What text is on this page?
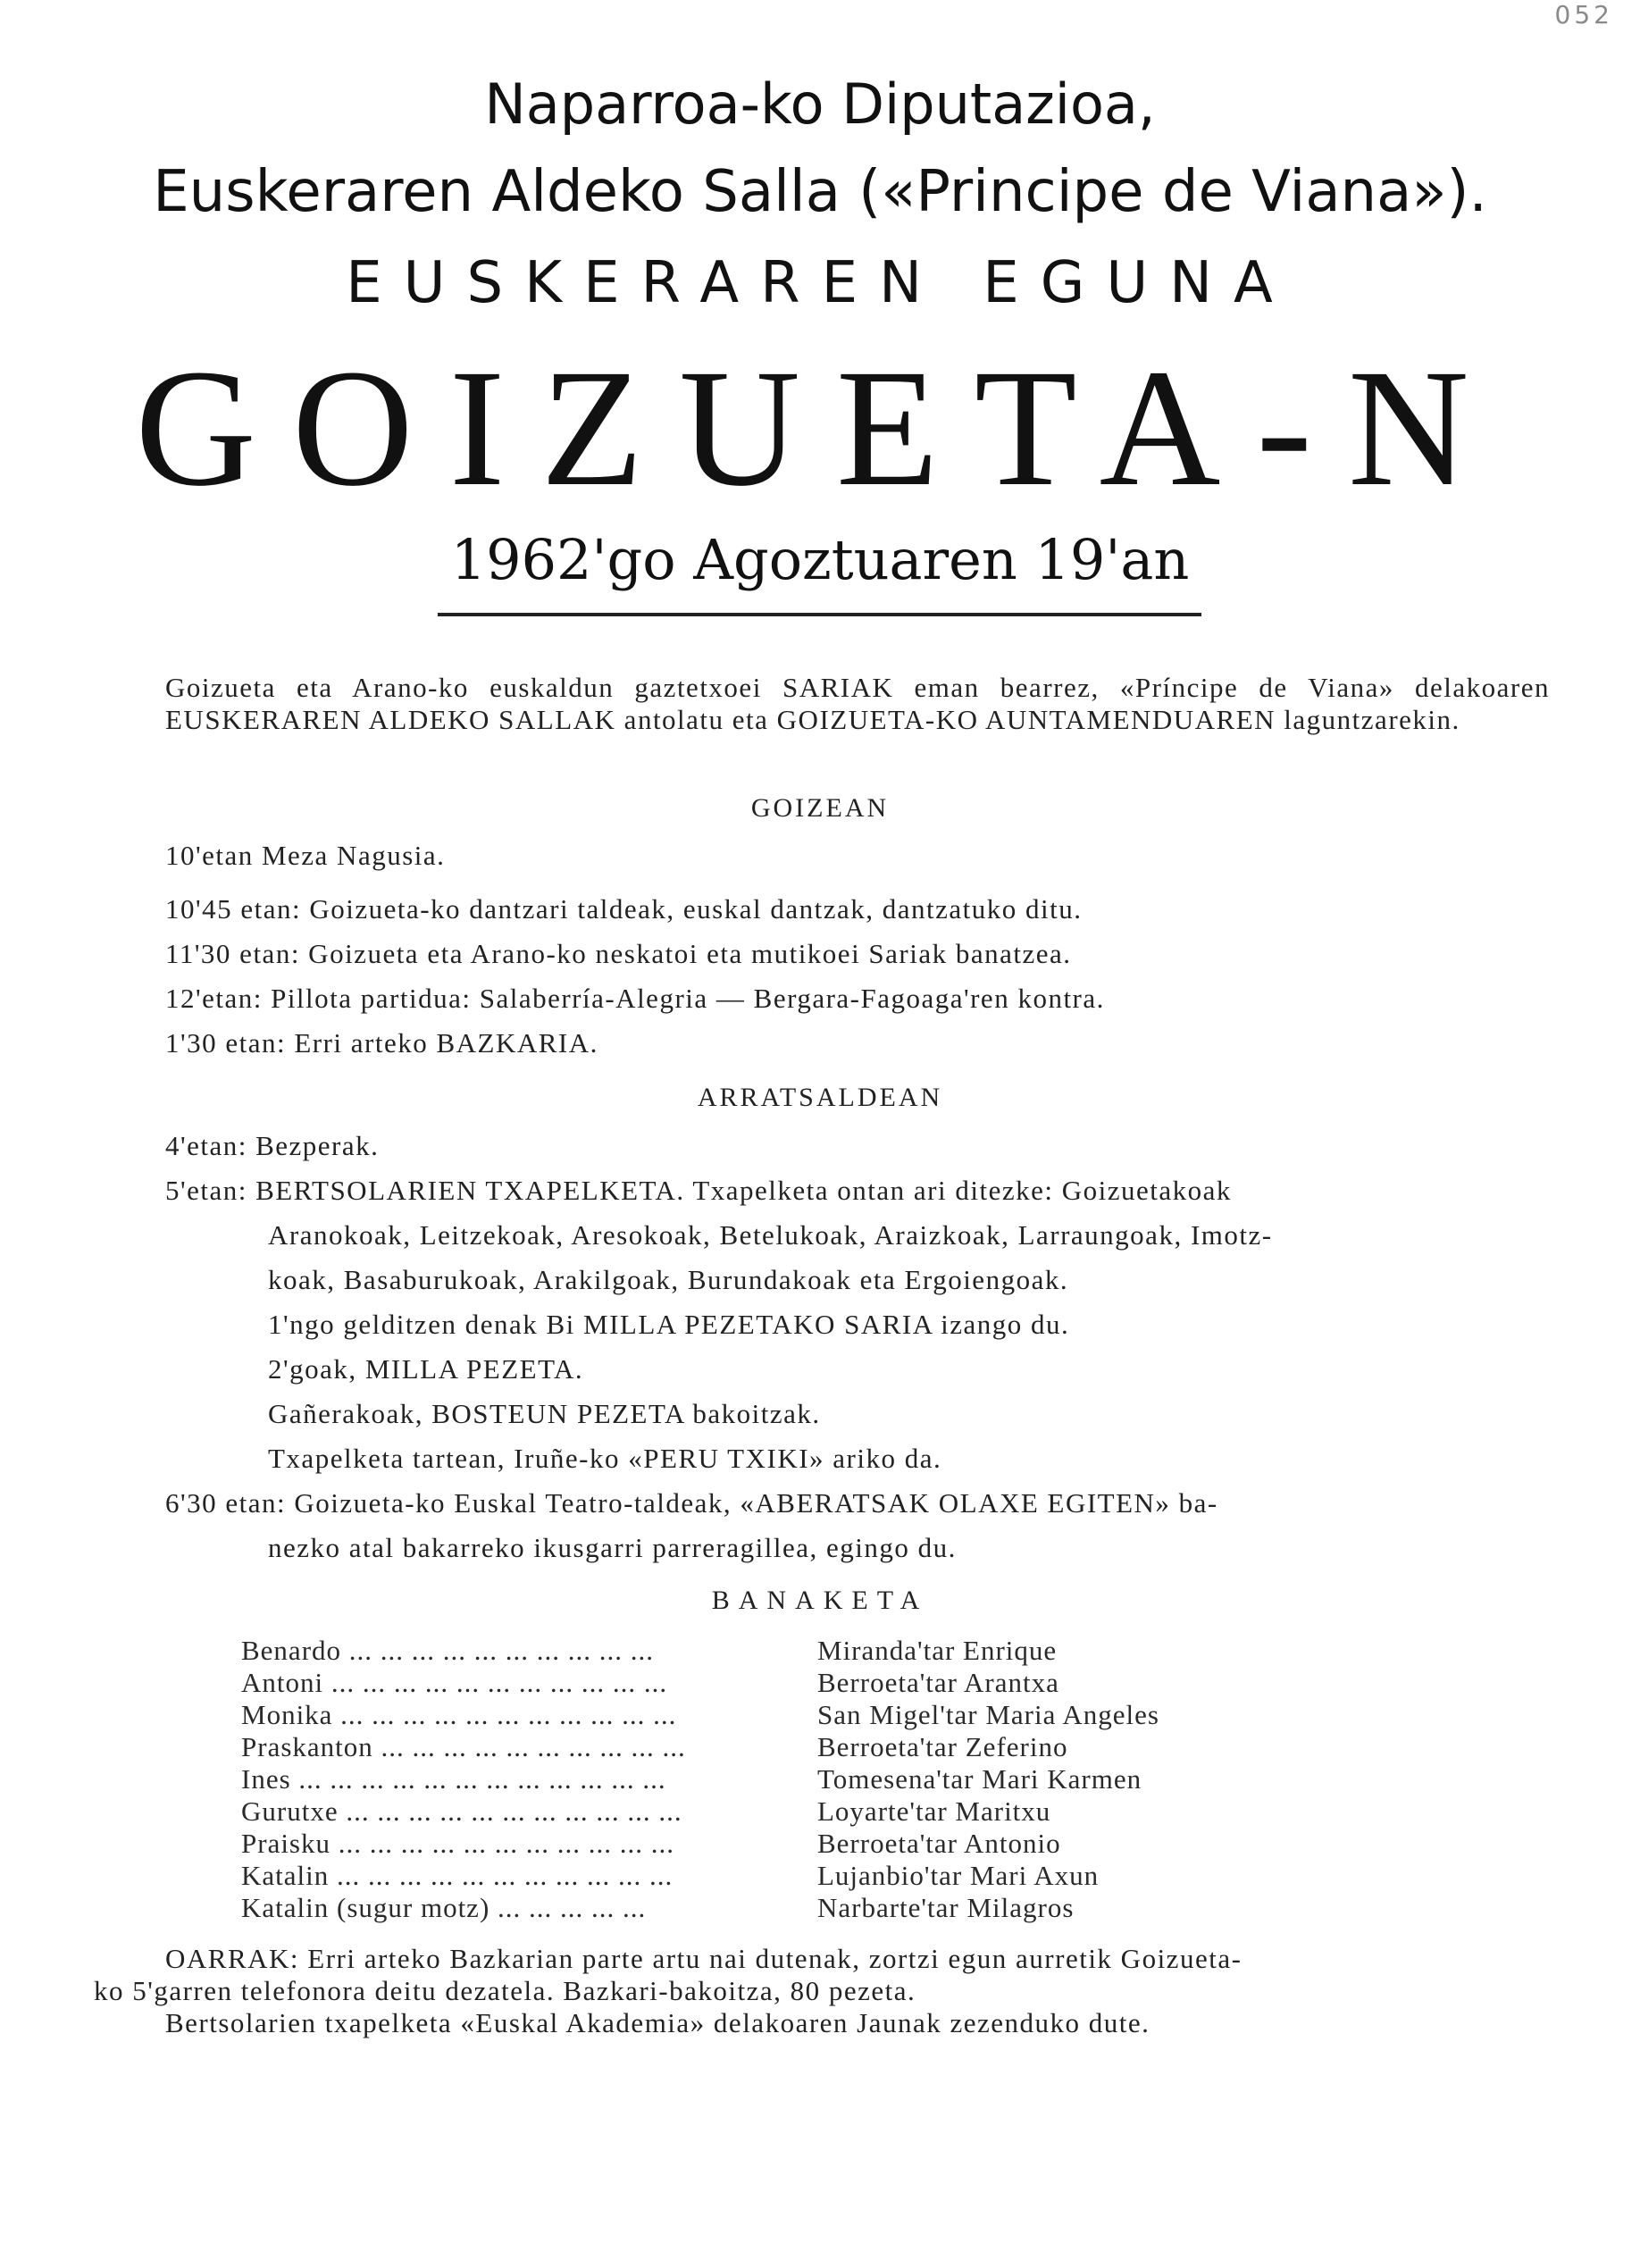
052
Naparroa-ko Diputazioa,
Euskeraren Aldeko Salla («Principe de Viana»).
EUSKERAREN EGUNA
GOIZUETA-N
1962'go Agoztuaren 19'an
Goizueta eta Arano-ko euskaldun gaztetxoei SARIAK eman bearrez, «Príncipe de Viana» delakoaren EUSKERAREN ALDEKO SALLAK antolatu eta GOIZUETA-KO AUNTAMENDUAREN laguntzarekin.
GOIZEAN
10'etan Meza Nagusia.
10'45 etan: Goizueta-ko dantzari taldeak, euskal dantzak, dantzatuko ditu.
11'30 etan: Goizueta eta Arano-ko neskatoi eta mutikoei Sariak banatzea.
12'etan: Pillota partidua: Salaberría-Alegria — Bergara-Fagoaga'ren kontra.
1'30 etan: Erri arteko BAZKARIA.
ARRATSALDEAN
4'etan: Bezperak.
5'etan: BERTSOLARIEN TXAPELKETA. Txapelketa ontan ari ditezke: Goizuetakoak
Aranokoak, Leitzekoak, Aresokoak, Betelukoak, Araizkoak, Larraungoak, Imotz-
koak, Basaburukoak, Arakilgoak, Burundakoak eta Ergoiengoak.
1'ngo gelditzen denak Bi MILLA PEZETAKO SARIA izango du.
2'goak, MILLA PEZETA.
Gañerakoak, BOSTEUN PEZETA bakoitzak.
Txapelketa tartean, Iruñe-ko «PERU TXIKI» ariko da.
6'30 etan: Goizueta-ko Euskal Teatro-taldeak, «ABERATSAK OLAXE EGITEN» ba-
nezko atal bakarreko ikusgarri parreragillea, egingo du.
BANAKETA
Benardo ... ... ... ... ... ... ... ... ... ...	Miranda'tar Enrique
Antoni ... ... ... ... ... ... ... ... ... ... ...	Berroeta'tar Arantxa
Monika ... ... ... ... ... ... ... ... ... ... ...	San Migel'tar Maria Angeles
Praskanton ... ... ... ... ... ... ... ... ... ...	Berroeta'tar Zeferino
Ines ... ... ... ... ... ... ... ... ... ... ... ...	Tomesena'tar Mari Karmen
Gurutxe ... ... ... ... ... ... ... ... ... ... ...	Loyarte'tar Maritxu
Praisku ... ... ... ... ... ... ... ... ... ... ...	Berroeta'tar Antonio
Katalin ... ... ... ... ... ... ... ... ... ... ...	Lujanbio'tar Mari Axun
Katalin (sugur motz) ... ... ... ... ...	Narbarte'tar Milagros
OARRAK: Erri arteko Bazkarian parte artu nai dutenak, zortzi egun aurretik Goizueta-
ko 5'garren telefonora deitu dezatela. Bazkari-bakoitza, 80 pezeta.
Bertsolarien txapelketa «Euskal Akademia» delakoaren Jaunak zezenduko dute.
